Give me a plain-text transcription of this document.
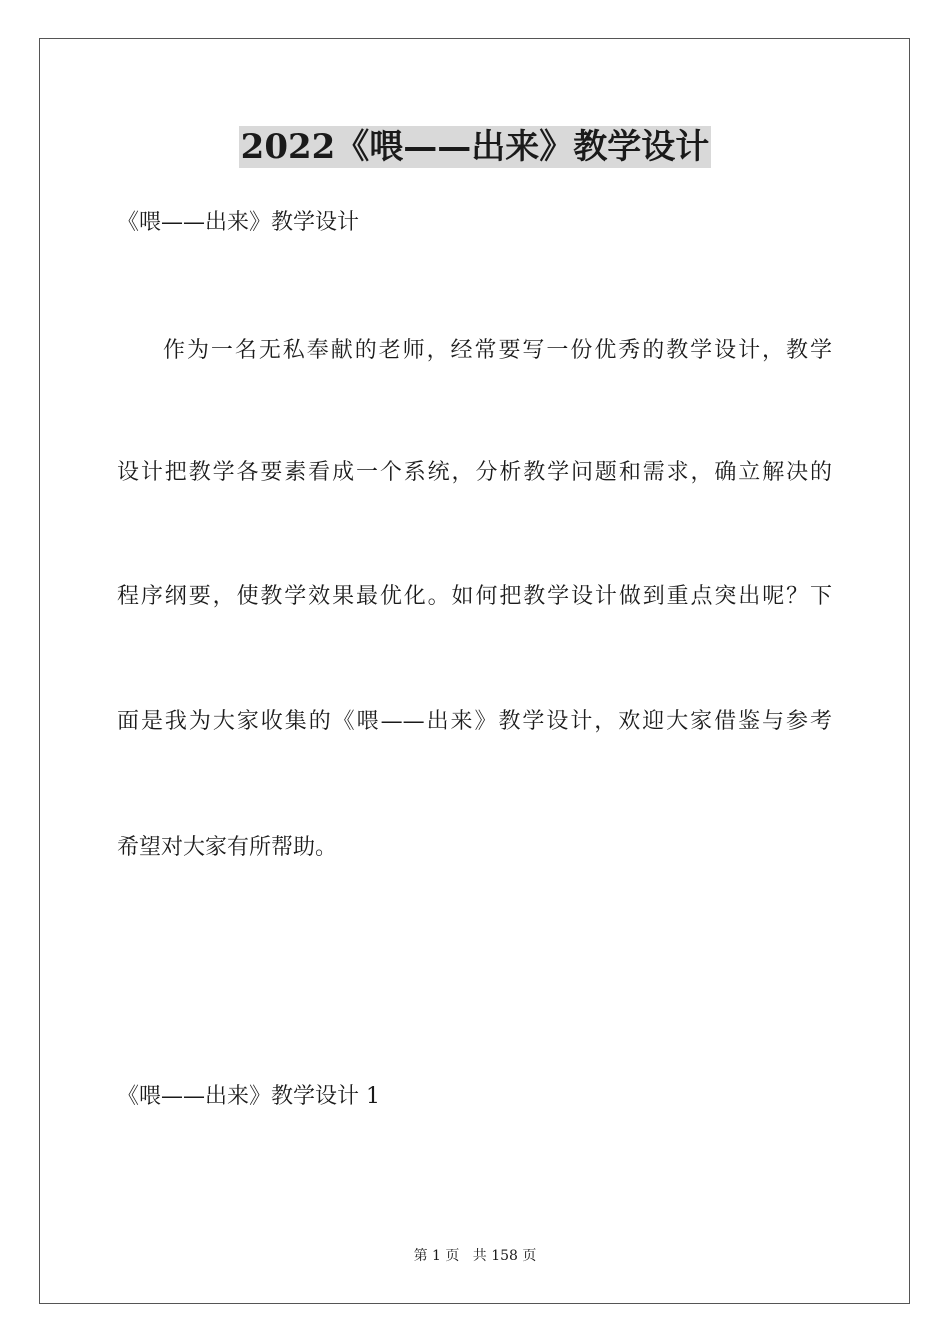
2022《喂——出来》教学设计
《喂——出来》教学设计
作为一名无私奉献的老师，经常要写一份优秀的教学设计，教学
设计把教学各要素看成一个系统，分析教学问题和需求，确立解决的
程序纲要，使教学效果最优化。如何把教学设计做到重点突出呢？下
面是我为大家收集的《喂——出来》教学设计，欢迎大家借鉴与参考
希望对大家有所帮助。
《喂——出来》教学设计 1
第 1 页 共 158 页
